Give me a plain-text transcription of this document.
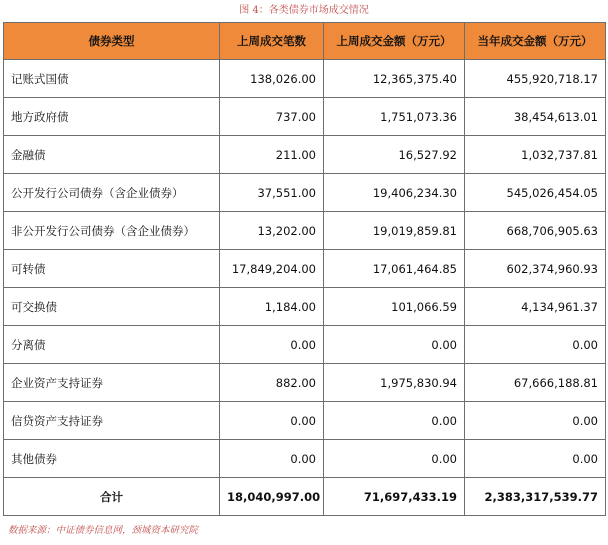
图 4：各类债券市场成交情况
债券类型	上周成交笔数	上周成交金额（万元）	当年成交金额（万元）
记账式国债	138,026.00	12,365,375.40	455,920,718.17
地方政府债	737.00	1,751,073.36	38,454,613.01
金融债	211.00	16,527.92	1,032,737.81
公开发行公司债券（含企业债券）	37,551.00	19,406,234.30	545,026,454.05
非公开发行公司债券（含企业债券）	13,202.00	19,019,859.81	668,706,905.63
可转债	17,849,204.00	17,061,464.85	602,374,960.93
可交换债	1,184.00	101,066.59	4,134,961.37
分离债	0.00	0.00	0.00
企业资产支持证券	882.00	1,975,830.94	67,666,188.81
信贷资产支持证券	0.00	0.00	0.00
其他债券	0.00	0.00	0.00
合计	18,040,997.00	71,697,433.19	2,383,317,539.77
数据来源：中证债券信息网，颈城资本研究院
